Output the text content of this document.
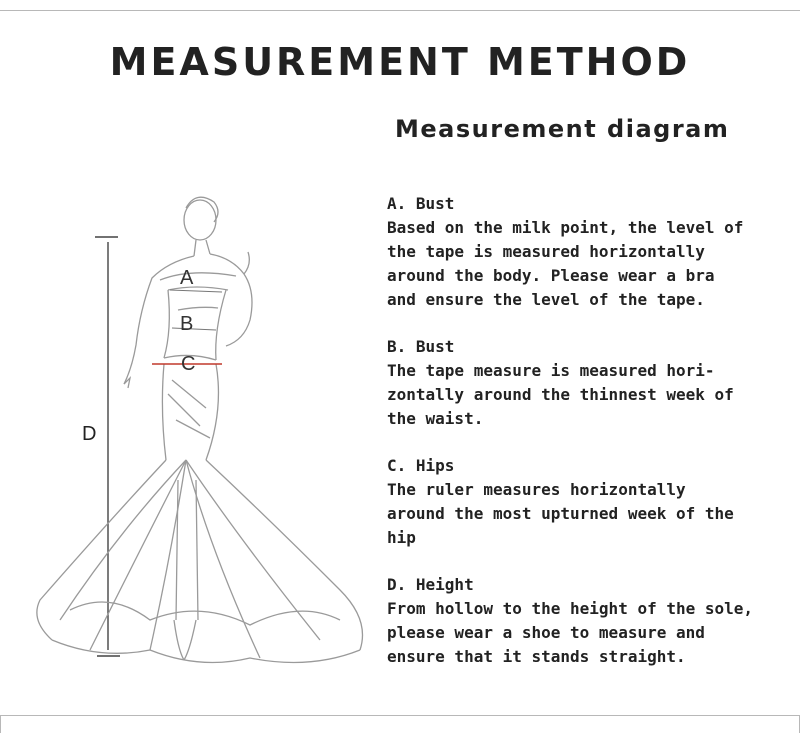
MEASUREMENT METHOD
Measurement diagram
D
A
B
C
A. Bust
Based on the milk point, the level of
the tape is measured horizontally
around the body. Please wear a bra
and ensure the level of the tape.
B. Bust
The tape measure is measured hori-
zontally around the thinnest week of
the waist.
C. Hips
The ruler measures horizontally
around the most upturned week of the
hip
D. Height
From hollow to the height of the sole,
please wear a shoe to measure and
ensure that it stands straight.
